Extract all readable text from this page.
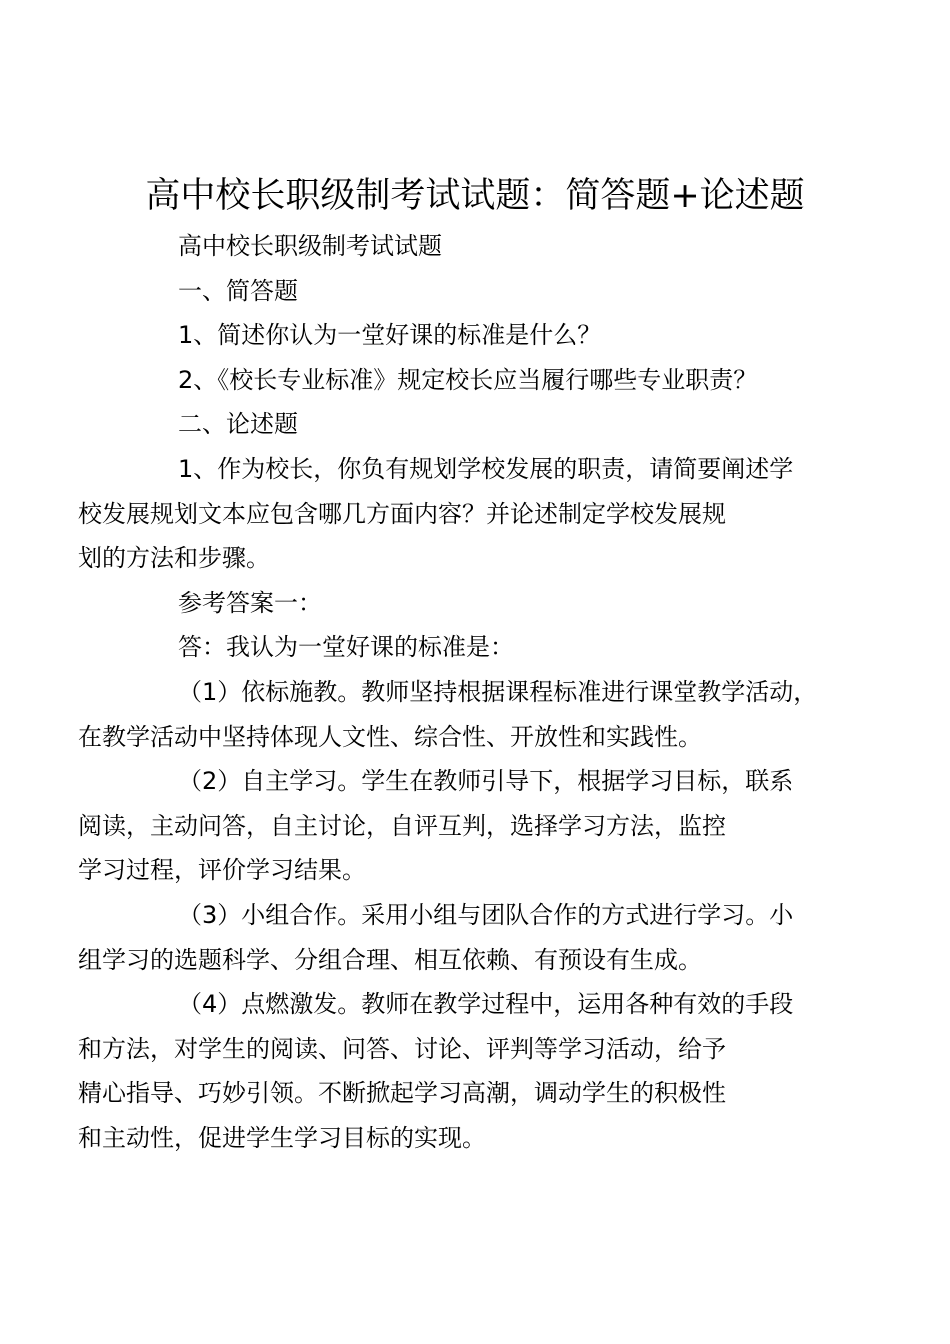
高中校长职级制考试试题：简答题+论述题

高中校长职级制考试试题

一、简答题

1、简述你认为一堂好课的标准是什么？

2、《校长专业标准》规定校长应当履行哪些专业职责？

二、论述题

1、作为校长，你负有规划学校发展的职责，请简要阐述学
校发展规划文本应包含哪几方面内容？并论述制定学校发展规
划的方法和步骤。

参考答案一：

答：我认为一堂好课的标准是：

（1）依标施教。教师坚持根据课程标准进行课堂教学活动，
在教学活动中坚持体现人文性、综合性、开放性和实践性。

（2）自主学习。学生在教师引导下，根据学习目标，联系
阅读，主动问答，自主讨论，自评互判，选择学习方法，监控
学习过程，评价学习结果。

（3）小组合作。采用小组与团队合作的方式进行学习。小
组学习的选题科学、分组合理、相互依赖、有预设有生成。

（4）点燃激发。教师在教学过程中，运用各种有效的手段
和方法，对学生的阅读、问答、讨论、评判等学习活动，给予
精心指导、巧妙引领。不断掀起学习高潮，调动学生的积极性
和主动性，促进学生学习目标的实现。
